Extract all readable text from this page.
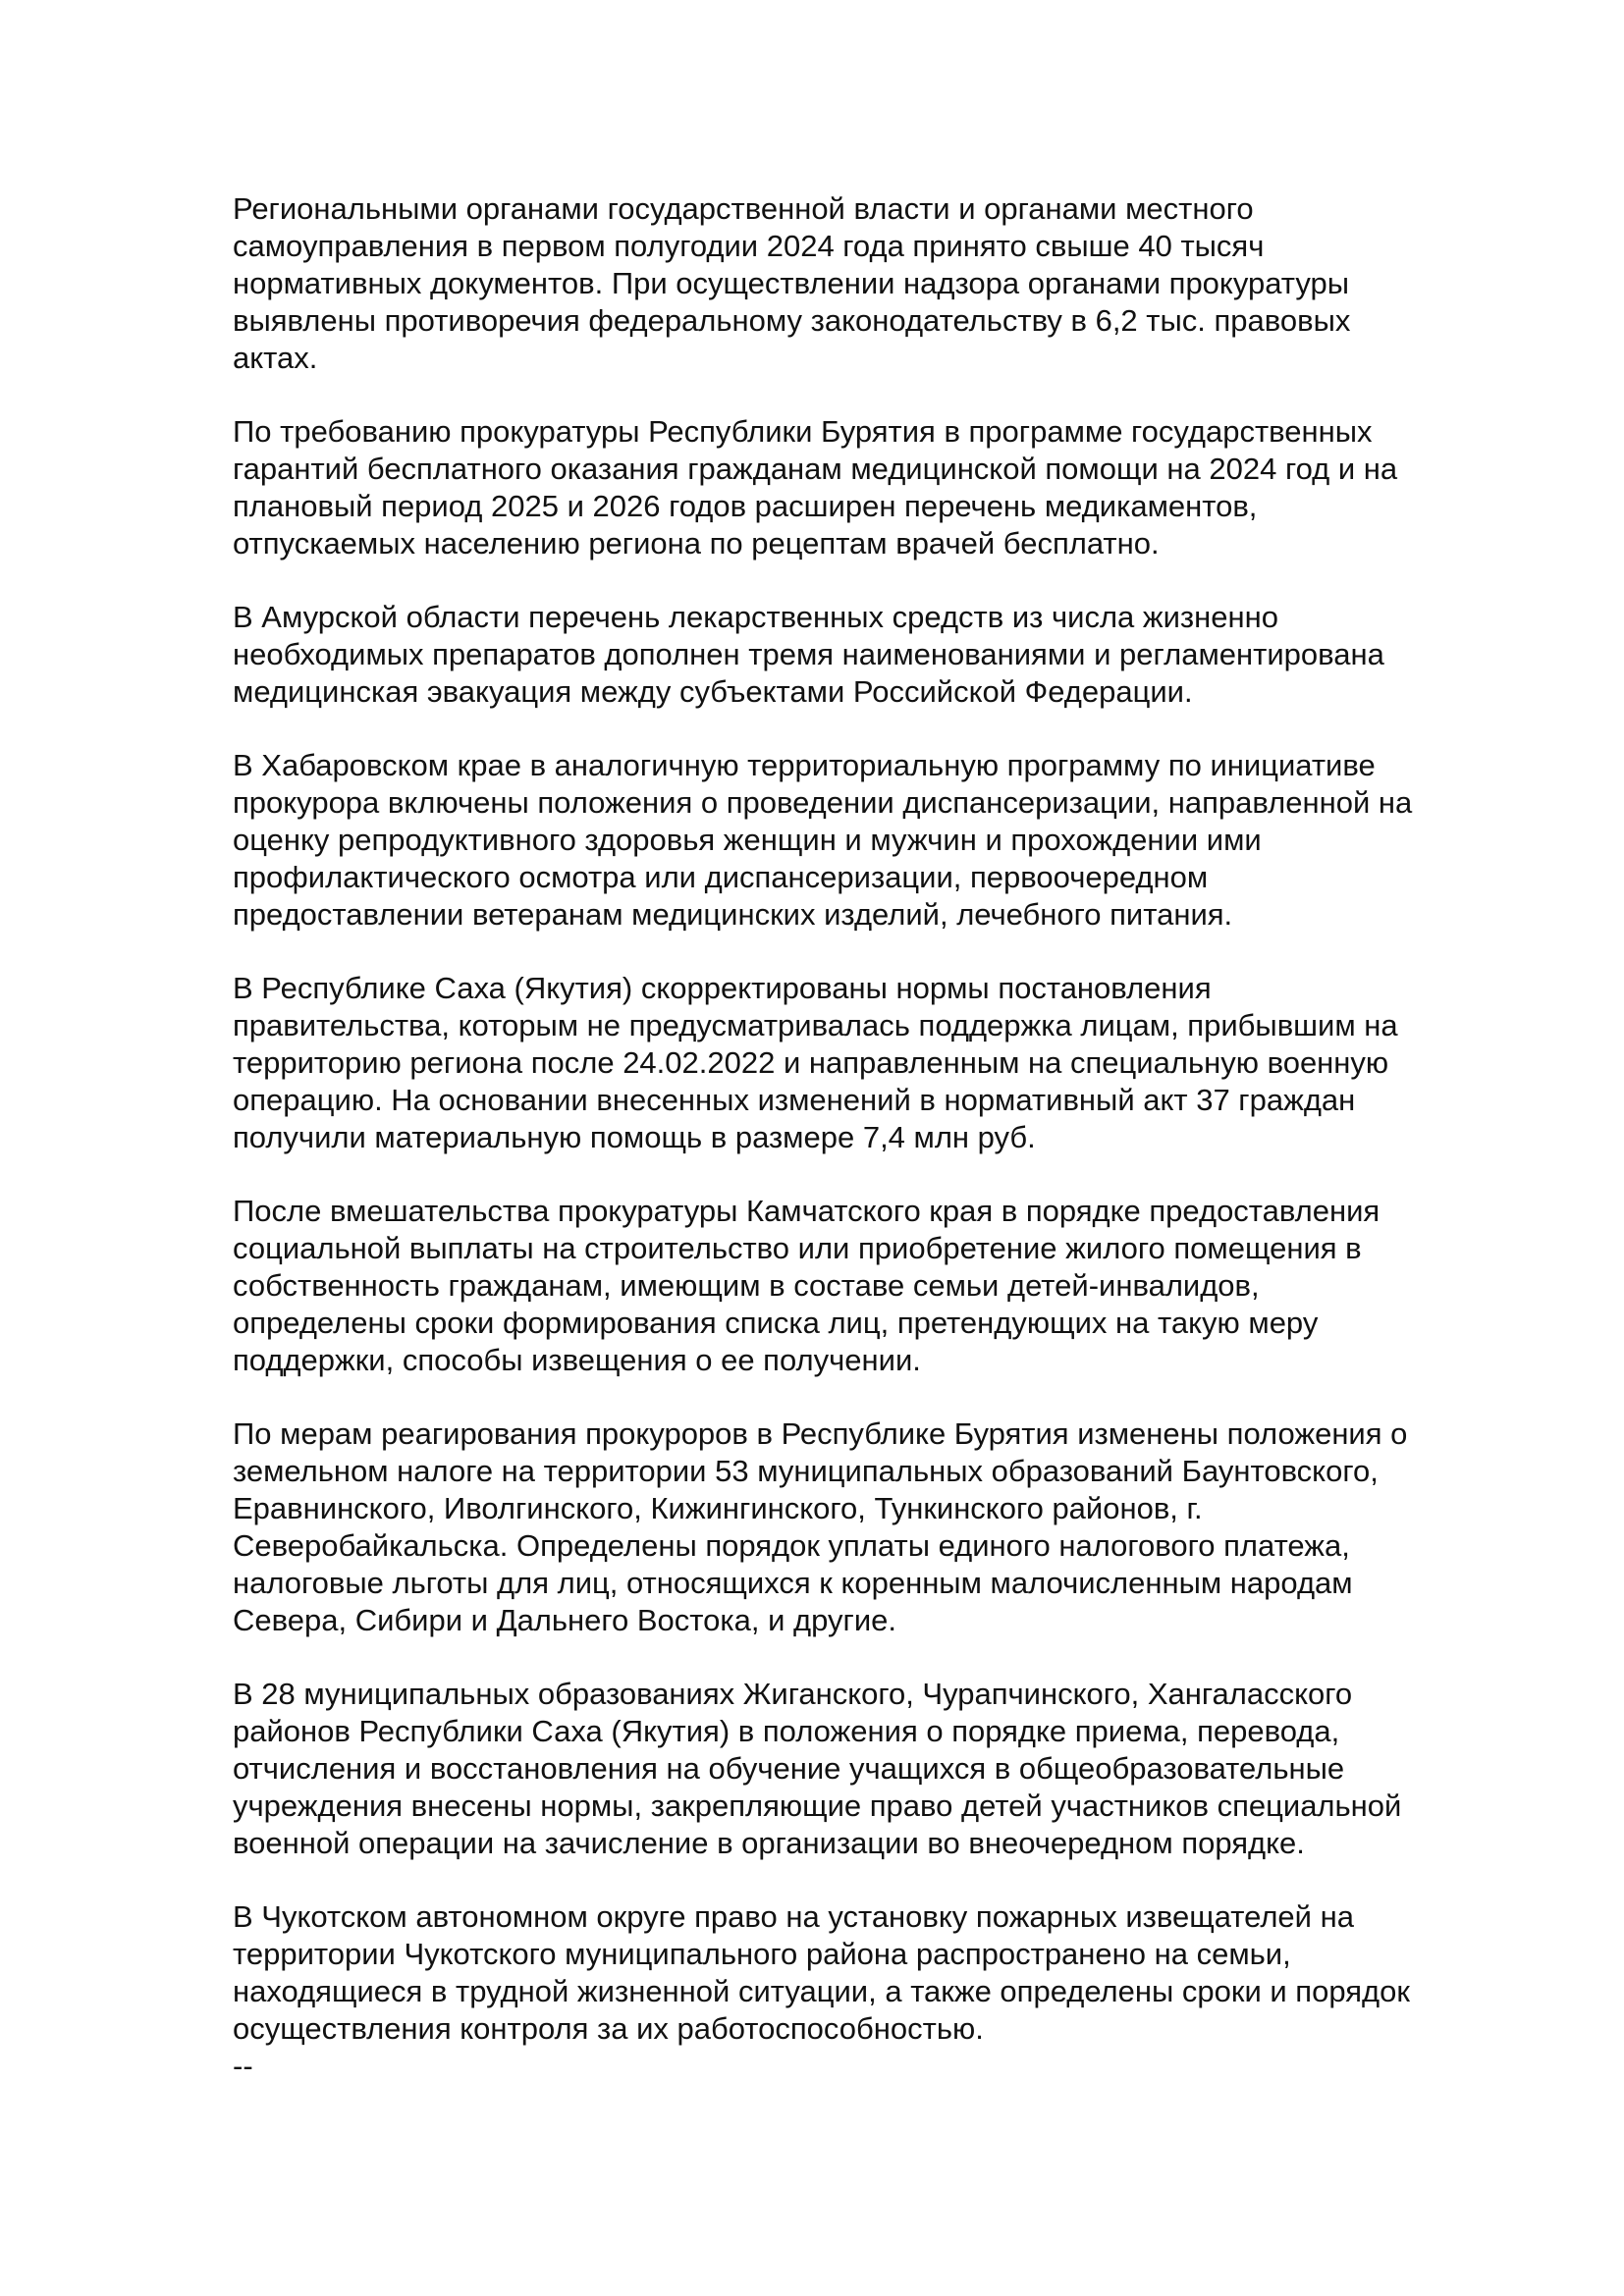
Региональными органами государственной власти и органами местного
самоуправления в первом полугодии 2024 года принято свыше 40 тысяч
нормативных документов. При осуществлении надзора органами прокуратуры
выявлены противоречия федеральному законодательству в 6,2 тыс. правовых
актах.

По требованию прокуратуры Республики Бурятия в программе государственных
гарантий бесплатного оказания гражданам медицинской помощи на 2024 год и на
плановый период 2025 и 2026 годов расширен перечень медикаментов,
отпускаемых населению региона по рецептам врачей бесплатно.

В Амурской области перечень лекарственных средств из числа жизненно
необходимых препаратов дополнен тремя наименованиями и регламентирована
медицинская эвакуация между субъектами Российской Федерации.

В Хабаровском крае в аналогичную территориальную программу по инициативе
прокурора включены положения о проведении диспансеризации, направленной на
оценку репродуктивного здоровья женщин и мужчин и прохождении ими
профилактического осмотра или диспансеризации, первоочередном
предоставлении ветеранам медицинских изделий, лечебного питания.

В Республике Саха (Якутия) скорректированы нормы постановления
правительства, которым не предусматривалась поддержка лицам, прибывшим на
территорию региона после 24.02.2022 и направленным на специальную военную
операцию. На основании внесенных изменений в нормативный акт 37 граждан
получили материальную помощь в размере 7,4 млн руб.

После вмешательства прокуратуры Камчатского края в порядке предоставления
социальной выплаты на строительство или приобретение жилого помещения в
собственность гражданам, имеющим в составе семьи детей-инвалидов,
определены сроки формирования списка лиц, претендующих на такую меру
поддержки, способы извещения о ее получении.

По мерам реагирования прокуроров в Республике Бурятия изменены положения о
земельном налоге на территории 53 муниципальных образований Баунтовского,
Еравнинского, Иволгинского, Кижингинского, Тункинского районов, г.
Северобайкальска. Определены порядок уплаты единого налогового платежа,
налоговые льготы для лиц, относящихся к коренным малочисленным народам
Севера, Сибири и Дальнего Востока, и другие.

В 28 муниципальных образованиях Жиганского, Чурапчинского, Хангаласского
районов Республики Саха (Якутия) в положения о порядке приема, перевода,
отчисления и восстановления на обучение учащихся в общеобразовательные
учреждения внесены нормы, закрепляющие право детей участников специальной
военной операции на зачисление в организации во внеочередном порядке.

В Чукотском автономном округе право на установку пожарных извещателей на
территории Чукотского муниципального района распространено на семьи,
находящиеся в трудной жизненной ситуации, а также определены сроки и порядок
осуществления контроля за их работоспособностью.

--
